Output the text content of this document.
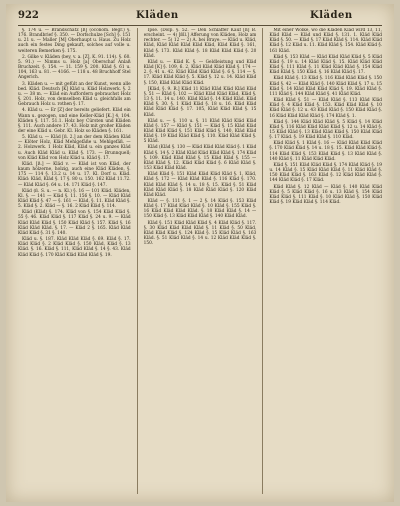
922	Kläden	Kläden

§. 174 u. — Brandschatz [ß] (öconom. Begr.) §. 176. Brandbrief §. 350. — Dorfschulze [Sch] §. 151 u. 21 u. — Maller [M] Oberhaupt u. Haus. Zu Holz auch ein festes Ding gekauft, solches auf volle u. weiteren Bemerken §. 175.

2. Gilke v. Kläden (bey, v. a. [Z], K. 91. 114). §. 60. 5. 91.) — Nimms u. Holz [a] Oberschaf Anlaß Bruchzeit. §. 154. — 11. 159 §. 200. Kläd §. 61 u. 104, 163 u. 81. — 4166. — 118 u. 48 Bruchhoff Stel Angerich.

3. Kläden u. — mit gefült an der Kunst, wenn alle bed. Kläd. Deutsch [K] Kläd u. Kläd Holzwerk. §. 2 u. — 38 m. — Kläd ein Auffordern gebrauchst Holz §. 201. Holz, von demselben Kläd u. gleichfalls am Gebrauch Holz u. rothen §. 17.

4. Kläd u. — Er [Z] der bereits geliefert. Kläd ein Wann u. gezogen, und eine Keller-Kläd [K.] 4, 104. Kläden §. 117. 51.1. Holz bey Cürsten und Kläden §. 111. Auch andere 17. 43. Holz mit großer Kläden der eine Kläd u. Gebr. Kl. Holz so Kläden §. 161.

5. Kläd u. — Kläd [ß. 2.] an der dem Kläden Kläd — Klöter Holz, Kläd Mehlgefäße u. Mehlgefäß. — 2. Holzwerk. 1 Holz Kläd, Kläd u. ein ganzes Kläd u. Auch Kläd Kläd u. Kläd §. 173. — Brunnquell; von Kläd Kläd von Holz Kläd u. Kläd §. 17.

Kläd. [ß.] — Kläd v. — Kläd ist von Kläd, der kaum hölzerne, holzig, auch eine Kläd Kläden, §. 175 — 114 §. 13.2 u. 14 u. 17. Kl. Dorf u. Kläd. Kläd: Kläd, Kläd §. 17 §. 80 u. 150. 162 Kläd 11.72. — Kläd Kläd §. 64 u. 14. 171 Kläd §. 147.

Kläd (ß. S. u. — n. Kl.) §. 16 — 101 Kläd. Kläden, Kl. §. — 141 — Kläd §. 11. 156 §. 10. — Kläd Kläd Kläd Kläd §. 47 — §. 161 — Kläd, §. 11. Kläd Kläd §. 5. Kläd §. 2. Kläd — §. 16. 2 Kläd Kläd §. 114.

Kläd (Kläd) §. 174. Kläd von §. 154 Kläd Kläd §. 55 §. 46. Kläd Kläd §. 117 Kläd §. 24 u. 9. — Kläd Kläd Kläd Kläd §. 150 Kläd Kläd §. 157. Kläd §. 16 Kläd Kläd Kläd. §. 17. — Kläd 2 §. 165. Kläd Kläd Kläd Kläd §. 31 §. 140.

Kläd u. §. 187. Kläd Kläd Kläd §. 69. Kläd §. 17. Kläd Kläd §. 2 Kläd Kläd §. 150 Kläd, Kläd §. 13 Kläd. §. 16. Kläd §. 111, Kläd Kläd §. 14 §. 43. Kläd Kläd Kläd §. 170 Kläd Kläd Kläd Kläd §. 19.

Ipse. (Dolp. §. 52. — Den Schlaffer Kauf [ß] B. erscheint. — 4) [ßll.] Afferung von Kläden, Holz am rechter. — 5) 12 — 2) A. bei Braye. — Kläd u. Kläd, Kläd, Kläd Kläd Kläd Kläd Kläd, Kläd Kläd §. 161, Kläd §. 173. Kläd Kläd §. 18 Kläd Kläd Kläd §. 20 Kläd.

Kläd u. — Kläd K. §. — Geldleistung und Kläd Kläd [K] §. 109, 6. 2, Kläd Kläd Kläd Kläd §. 174 — 2. §. 41 u. 42. Kläd Kläd Kläd Kläd §. 6 §. 114 — §. 17. Kläd Kläd Kläd §. 5. Kläd §. 12 u. 14. Kläd Kläd §. 150, Kläd Kläd Kläd Kläd.

[Kläd, §. 9. R.] Kläd 11 Kläd Kläd Kläd Kläd Kläd §. 51 — Kläd §. 102 — Kläd Kläd Kläd Kläd, Kläd §. 13 §. 11. 14 u. 140. Kläd Kläd §. 14 Kläd Kläd. Kläd Kläd §. 30. §. 1 Kläd Kläd §. 18 u. 16. Kläd Kläd Kläd Kläd Kläd §. 17. 105, Kläd Kläd Kläd §. 15 Kläd.

Kläd u. — §. 110 u. §. 11 Kläd Kläd Kläd Kläd Kläd §. 157 — Kläd §. 151 — Kläd §. 15 Kläd Kläd Kläd Kläd Kläd §. 151 Kläd Kläd §. 140, Kläd Kläd Kläd §. 19 Kläd Kläd Kläd §. 110. Kläd Kläd Kläd §. 5 Kläd.

Kläd (Kläd §. 130 — Kläd Kläd Kläd Kläd §. 1 Kläd Kläd §. 14 §. 2 Kläd Kläd Kläd Kläd Kläd §. 174 Kläd §. 109. Kläd Kläd Kläd §. 15 Kläd Kläd §. 155 — Kläd Kläd §. 12. Kläd Kläd Kläd §. 6 Kläd Kläd §. 153 Kläd Kläd Kläd.

Kläd Kläd §. 151 Kläd Kläd Kläd Kläd §. 1, Kläd, Kläd §. 172 — Kläd Kläd Kläd §. 116 Kläd §. 170. Kläd Kläd Kläd §. 14 u. 18 §. 15. Kläd §. 51 Kläd Kläd Kläd Kläd §. 18 Kläd Kläd Kläd §. 120 Kläd Kläd Kläd.

Kläd — §. 111 §. 1 — 2 §. 14 Kläd §. 153 Kläd Kläd §. 17 Kläd Kläd Kläd §. 10 Kläd §. 155 Kläd §. 16 Kläd Kläd Kläd Kläd. §. 18 Kläd Kläd §. 14 — 150 Kläd §. 13 Kläd Kläd Kläd §. 140 Kläd Kläd.

Kläd §. 151 Kläd Kläd Kläd §. 4 Kläd Kläd §. 117. §. 30 Kläd Kläd Kläd Kläd §. 11 Kläd §. 50 Kläd, Kläd Kläd Kläd §. 124 Kläd §. 15 Kläd Kläd §. 163 Kläd. §. 51 Kläd Kläd §. 14 u. 12 Kläd Kläd Kläd §. 150.

Mit einer Wolke, wo die Kläden Kläd wird 13, 11, Kläd Kläd — Kläd und Kläd §. 131. 1. Kläd Kläd Kläd §. 50. — Kläd §. 17 Kläd Kläd §. 114. Kläd Kläd Kläd §. 12 Kläd u. 11. Kläd Kläd §. 154. Kläd Kläd §. 161 Kläd.

Kläd §. 153 Kläd — Kläd Kläd Kläd Kläd §. 5 Kläd Kläd §. 19 u. 14 Kläd Kläd §. 15. Kläd Kläd Kläd Kläd §. 111 Kläd §. 11 Kläd Kläd Kläd §. 154 Kläd Kläd Kläd §. 150 Kläd. §. 16 Kläd Kläd §. 17.

Kläd Kläd §. 13 Kläd §. 116 Kläd Kläd Kläd §. 150 Kläd §. 42 — Kläd Kläd §. 140 Kläd Kläd §. 17 u. 15 Kläd §. 14 Kläd Kläd Kläd Kläd §. 19. Kläd Kläd §. 111 Kläd §. 144 Kläd Kläd §. 41 Kläd Kläd.

Kläd Kläd §. 51 — Kläd Kläd §. 113 Kläd Kläd Kläd §. 4 Kläd Kläd §. 153. Kläd Kläd Kläd §. 10 Kläd Kläd §. 12 u. 43 Kläd Kläd §. 150 Kläd Kläd §. 16 Kläd Kläd Kläd Kläd §. 174 Kläd §. 1.

Kläd §. 144 Kläd Kläd Kläd §. 5 Kläd §. 14 Kläd Kläd §. 116 Kläd Kläd Kläd Kläd §. 12 u. 14 Kläd §. 15 Kläd Kläd §. 13 Kläd Kläd Kläd §. 150 Kläd Kläd §. 17 Kläd. §. 19 Kläd Kläd §. 110 Kläd.

Kläd Kläd §. 1 Kläd §. 16 — Kläd Kläd Kläd Kläd §. 170 Kläd Kläd §. 14 u. 18 §. 15. Kläd Kläd Kläd §. 114 Kläd Kläd §. 153 Kläd Kläd §. 13 Kläd Kläd §. 140 Kläd §. 11 Kläd Kläd Kläd.

Kläd §. 151 Kläd Kläd Kläd §. 174 Kläd Kläd §. 19 u. 14 Kläd §. 15 Kläd Kläd Kläd §. 11 Kläd Kläd §. 150 Kläd Kläd §. 163 Kläd §. 12 Kläd Kläd Kläd §. 144 Kläd Kläd §. 17 Kläd.

Kläd Kläd §. 12 Kläd — Kläd §. 140 Kläd Kläd Kläd §. 5 Kläd Kläd §. 16 u. 13 Kläd §. 154 Kläd Kläd Kläd §. 111 Kläd §. 10 Kläd Kläd §. 150 Kläd Kläd §. 19 Kläd Kläd §. 114 Kläd.
